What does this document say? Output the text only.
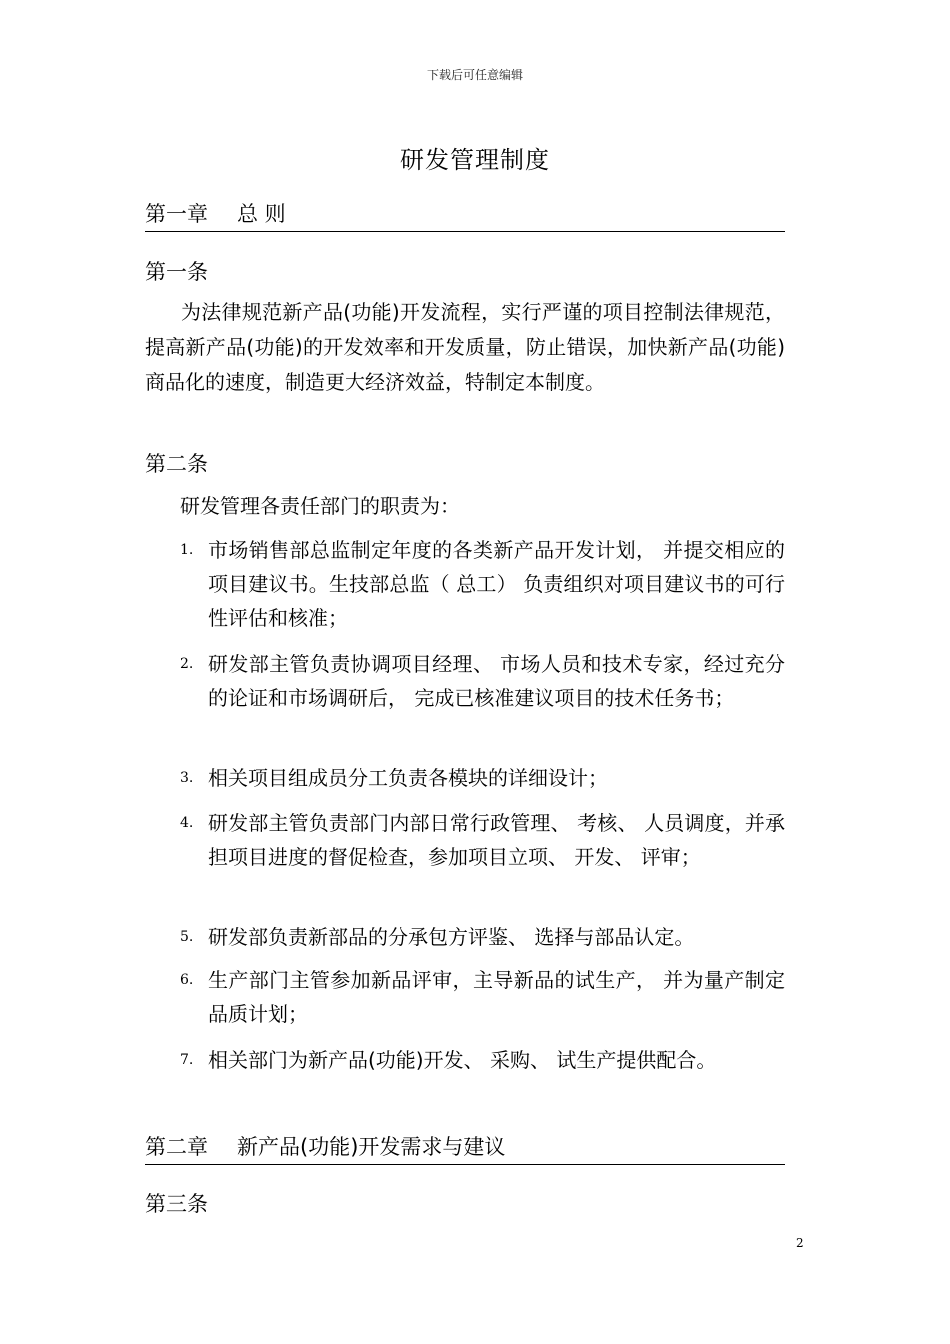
下载后可任意编辑
研发管理制度
第一章 总 则
第一条
为法律规范新产品(功能)开发流程，实行严谨的项目控制法律规范，提高新产品(功能)的开发效率和开发质量，防止错误，加快新产品(功能)商品化的速度，制造更大经济效益，特制定本制度。
第二条
研发管理各责任部门的职责为：
1. 市场销售部总监制定年度的各类新产品开发计划， 并提交相应的项目建议书。生技部总监（ 总工） 负责组织对项目建议书的可行性评估和核准；
2. 研发部主管负责协调项目经理、 市场人员和技术专家，经过充分的论证和市场调研后， 完成已核准建议项目的技术任务书；
3. 相关项目组成员分工负责各模块的详细设计；
4. 研发部主管负责部门内部日常行政管理、 考核、 人员调度，并承担项目进度的督促检查，参加项目立项、 开发、 评审；
5. 研发部负责新部品的分承包方评鉴、 选择与部品认定。
6. 生产部门主管参加新品评审，主导新品的试生产， 并为量产制定品质计划；
7. 相关部门为新产品(功能)开发、 采购、 试生产提供配合。
第二章 新产品(功能)开发需求与建议
第三条
2
